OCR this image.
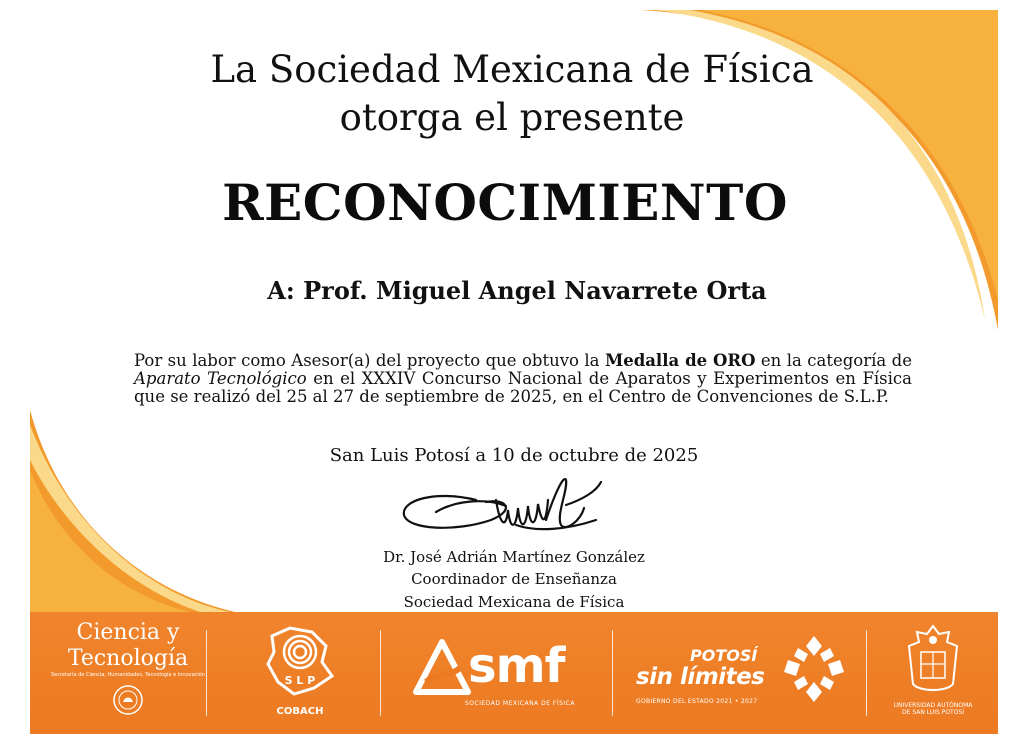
La Sociedad Mexicana de Física
otorga el presente
RECONOCIMIENTO
A: Prof. Miguel Angel Navarrete Orta
Por su labor como Asesor(a) del proyecto que obtuvo la Medalla de ORO en la categoría de Aparato Tecnológico en el XXXIV Concurso Nacional de Aparatos y Experimentos en Física que se realizó del 25 al 27 de septiembre de 2025, en el Centro de Convenciones de S.L.P.
San Luis Potosí a 10 de octubre de 2025
Dr. José Adrián Martínez González
Coordinador de Enseñanza
Sociedad Mexicana de Física
Ciencia y
Tecnología
Secretaría de Ciencia, Humanidades, Tecnología e Innovación	S L P
COBACH
smf
SOCIEDAD MEXICANA DE FÍSICA
POTOSÍ
sin límites
GOBIERNO DEL ESTADO 2021 • 2027
UNIVERSIDAD AUTÓNOMA
DE SAN LUIS POTOSÍ
